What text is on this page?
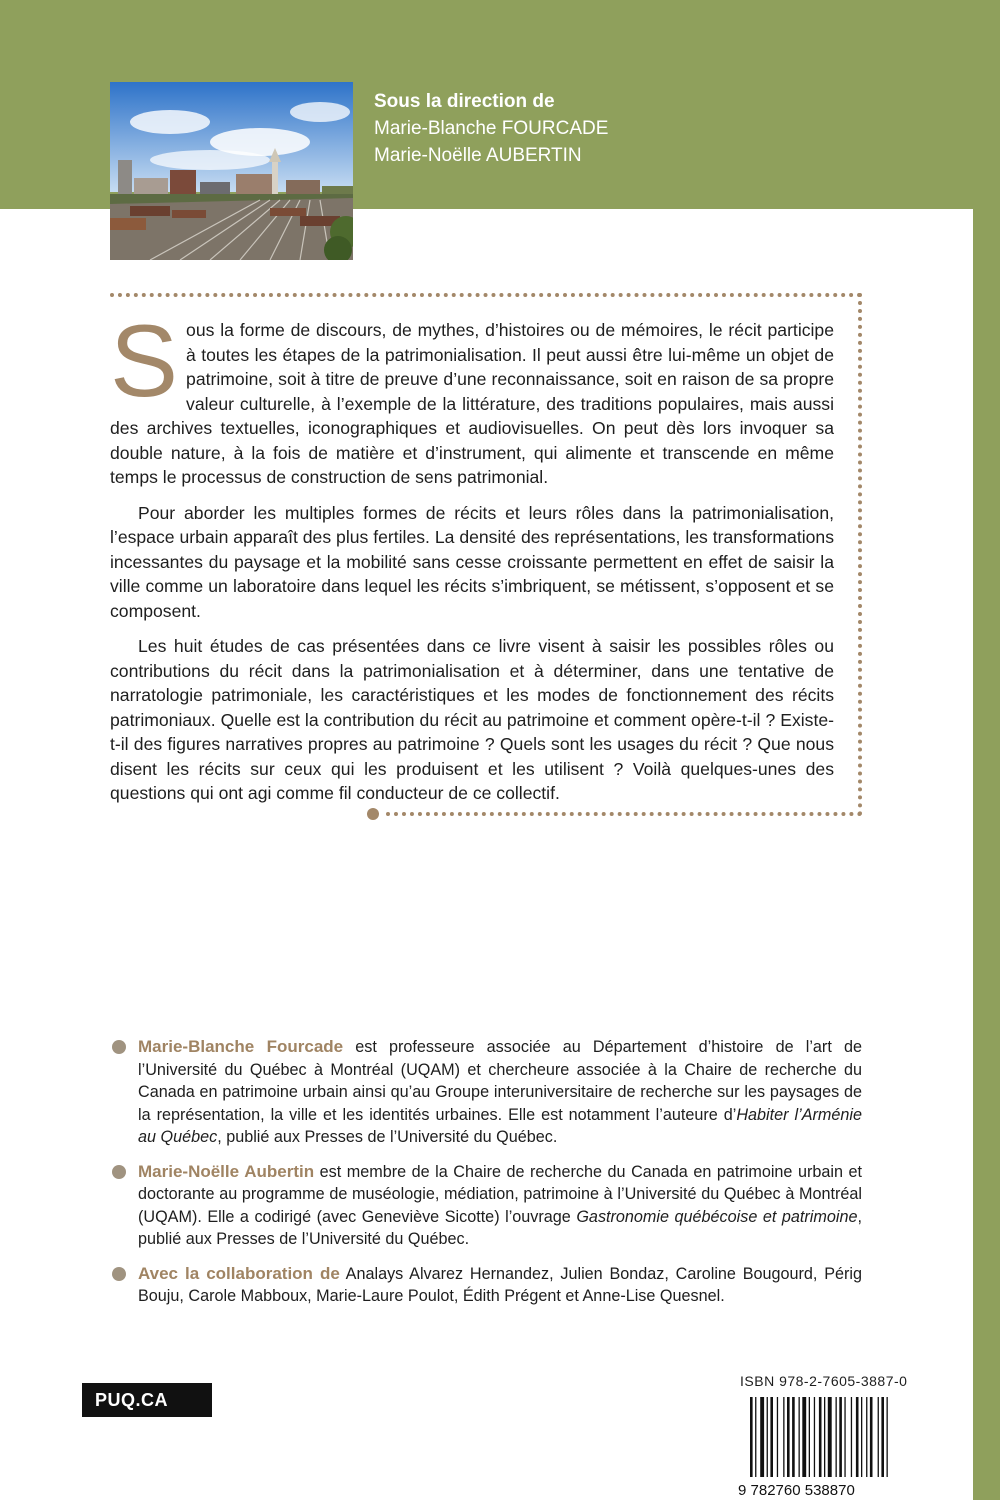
Sous la direction de
Marie-Blanche FOURCADE
Marie-Noëlle AUBERTIN

S ous la forme de discours, de mythes, d’histoires ou de mémoires, le récit participe à toutes les étapes de la patrimonialisation. Il peut aussi être lui-même un objet de patrimoine, soit à titre de preuve d’une reconnaissance, soit en raison de sa propre valeur culturelle, à l’exemple de la littérature, des traditions populaires, mais aussi des archives textuelles, iconographiques et audiovisuelles. On peut dès lors invoquer sa double nature, à la fois de matière et d’instrument, qui alimente et transcende en même temps le processus de construction de sens patrimonial.

Pour aborder les multiples formes de récits et leurs rôles dans la patrimonialisation, l’espace urbain apparaît des plus fertiles. La densité des représentations, les transformations incessantes du paysage et la mobilité sans cesse croissante permettent en effet de saisir la ville comme un laboratoire dans lequel les récits s’imbriquent, se métissent, s’opposent et se composent.

Les huit études de cas présentées dans ce livre visent à saisir les possibles rôles ou contributions du récit dans la patrimonialisation et à déterminer, dans une tentative de narratologie patrimoniale, les caractéristiques et les modes de fonctionnement des récits patrimoniaux. Quelle est la contribution du récit au patrimoine et comment opère-t-il ? Existe-t-il des figures narratives propres au patrimoine ? Quels sont les usages du récit ? Que nous disent les récits sur ceux qui les produisent et les utilisent ? Voilà quelques-unes des questions qui ont agi comme fil conducteur de ce collectif.

Marie-Blanche Fourcade est professeure associée au Département d’histoire de l’art de l’Université du Québec à Montréal (UQAM) et chercheure associée à la Chaire de recherche du Canada en patrimoine urbain ainsi qu’au Groupe interuniversitaire de recherche sur les paysages de la représentation, la ville et les identités urbaines. Elle est notamment l’auteure d’Habiter l’Arménie au Québec, publié aux Presses de l’Université du Québec.
Marie-Noëlle Aubertin est membre de la Chaire de recherche du Canada en patrimoine urbain et doctorante au programme de muséologie, médiation, patrimoine à l’Université du Québec à Montréal (UQAM). Elle a codirigé (avec Geneviève Sicotte) l’ouvrage Gastronomie québécoise et patrimoine, publié aux Presses de l’Université du Québec.
Avec la collaboration de Analays Alvarez Hernandez, Julien Bondaz, Caroline Bougourd, Périg Bouju, Carole Mabboux, Marie-Laure Poulot, Édith Prégent et Anne-Lise Quesnel.
ISBN 978-2-7605-3887-0
9 782760 538870
PUQ.CA
